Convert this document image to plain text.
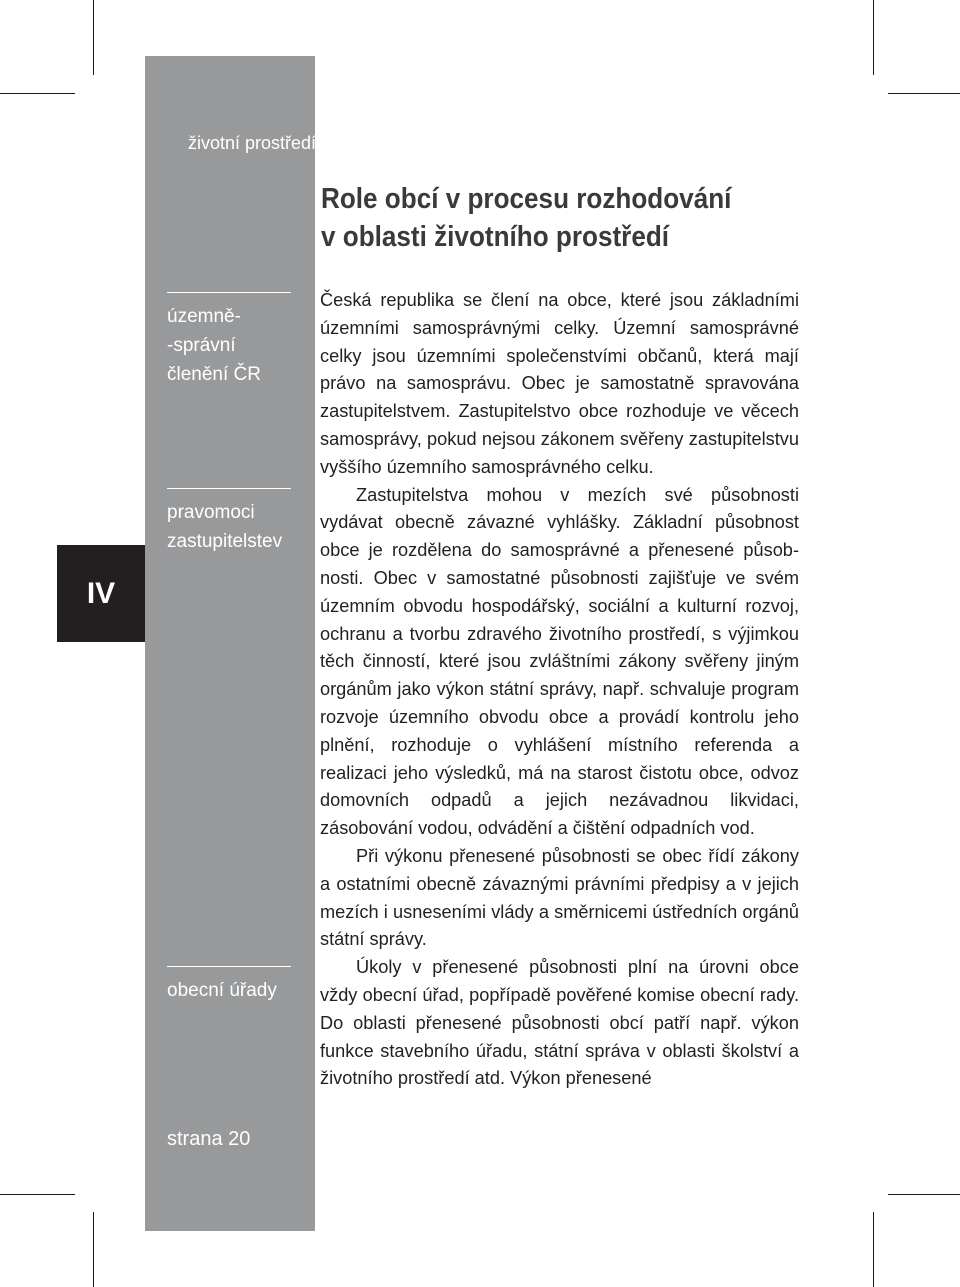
IV

životní prostředí, věc veřejná

územně-
-správní
členění ČR
pravomoci
zastupitelstev
obecní úřady
strana 20
Role obcí v procesu rozhodování
v oblasti životního prostředí

Česká republika se člení na obce, které jsou základními územními samosprávnými celky. Územní samosprávné celky jsou územními společenstvími občanů, která mají právo na samosprávu. Obec je samostatně spravována zastupitelstvem. Zastupitelstvo obce rozhoduje ve věcech samosprávy, pokud nejsou zákonem svěřeny zastupitelstvu vyššího územního samosprávného celku.

Zastupitelstva mohou v mezích své působnosti vydávat obecně závazné vyhlášky. Základní působnost obce je rozdělena do samosprávné a přenesené působnosti. Obec v samostatné působnosti zajišťuje ve svém územním obvodu hospodářský, sociální a kulturní rozvoj, ochranu a tvorbu zdravého životního prostředí, s výjimkou těch činností, které jsou zvláštními zákony svěřeny jiným orgánům jako výkon státní správy, např. schvaluje program rozvoje územního obvodu obce a provádí kontrolu jeho plnění, rozhoduje o vyhlášení místního referenda a realizaci jeho výsledků, má na starost čistotu obce, odvoz domovních odpadů a jejich nezávadnou likvidaci, zásobování vodou, odvádění a čištění odpadních vod.

Při výkonu přenesené působnosti se obec řídí zákony a ostatními obecně závaznými právními předpisy a v jejich mezích i usneseními vlády a směrnicemi ústředních orgánů státní správy.

Úkoly v přenesené působnosti plní na úrovni obce vždy obecní úřad, popřípadě pověřené komise obecní rady. Do oblasti přenesené působnosti obcí patří např. výkon funkce stavebního úřadu, státní správa v oblasti školství a životního prostředí atd. Výkon přenesené
